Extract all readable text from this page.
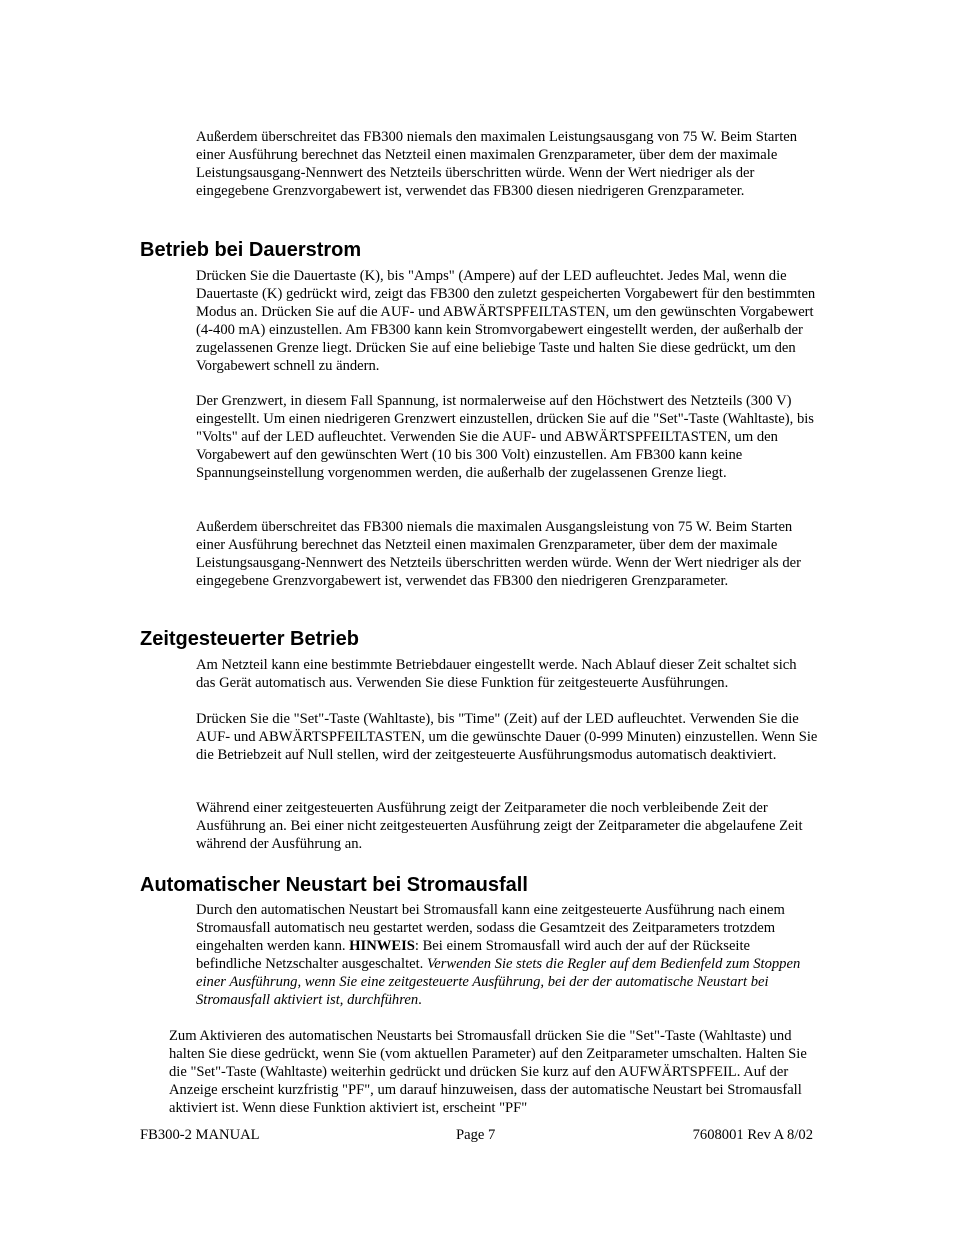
Außerdem überschreitet das FB300 niemals den maximalen Leistungsausgang von 75 W. Beim Starten einer Ausführung berechnet das Netzteil einen maximalen Grenzparameter, über dem der maximale Leistungsausgang-Nennwert des Netzteils überschritten würde. Wenn der Wert niedriger als der eingegebene Grenzvorgabewert ist, verwendet das FB300 diesen niedrigeren Grenzparameter.

Betrieb bei Dauerstrom

Drücken Sie die Dauertaste (K), bis "Amps" (Ampere) auf der LED aufleuchtet. Jedes Mal, wenn die Dauertaste (K) gedrückt wird, zeigt das FB300 den zuletzt gespeicherten Vorgabewert für den bestimmten Modus an. Drücken Sie auf die AUF- und ABWÄRTSPFEILTASTEN, um den gewünschten Vorgabewert (4-400 mA) einzustellen. Am FB300 kann kein Stromvorgabewert eingestellt werden, der außerhalb der zugelassenen Grenze liegt. Drücken Sie auf eine beliebige Taste und halten Sie diese gedrückt, um den Vorgabewert schnell zu ändern.

Der Grenzwert, in diesem Fall Spannung, ist normalerweise auf den Höchstwert des Netzteils (300 V) eingestellt. Um einen niedrigeren Grenzwert einzustellen, drücken Sie auf die "Set"-Taste (Wahltaste), bis "Volts" auf der LED aufleuchtet. Verwenden Sie die AUF- und ABWÄRTSPFEILTASTEN, um den Vorgabewert auf den gewünschten Wert (10 bis 300 Volt) einzustellen. Am FB300 kann keine Spannungseinstellung vorgenommen werden, die außerhalb der zugelassenen Grenze liegt.

Außerdem überschreitet das FB300 niemals die maximalen Ausgangsleistung von 75 W. Beim Starten einer Ausführung berechnet das Netzteil einen maximalen Grenzparameter, über dem der maximale Leistungsausgang-Nennwert des Netzteils überschritten werden würde. Wenn der Wert niedriger als der eingegebene Grenzvorgabewert ist, verwendet das FB300 den niedrigeren Grenzparameter.

Zeitgesteuerter Betrieb

Am Netzteil kann eine bestimmte Betriebdauer eingestellt werde. Nach Ablauf dieser Zeit schaltet sich das Gerät automatisch aus. Verwenden Sie diese Funktion für zeitgesteuerte Ausführungen.

Drücken Sie die "Set"-Taste (Wahltaste), bis "Time" (Zeit) auf der LED aufleuchtet. Verwenden Sie die AUF- und ABWÄRTSPFEILTASTEN, um die gewünschte Dauer (0-999 Minuten) einzustellen. Wenn Sie die Betriebzeit auf Null stellen, wird der zeitgesteuerte Ausführungsmodus automatisch deaktiviert.

Während einer zeitgesteuerten Ausführung zeigt der Zeitparameter die noch verbleibende Zeit der Ausführung an. Bei einer nicht zeitgesteuerten Ausführung zeigt der Zeitparameter die abgelaufene Zeit während der Ausführung an.

Automatischer Neustart bei Stromausfall

Durch den automatischen Neustart bei Stromausfall kann eine zeitgesteuerte Ausführung nach einem Stromausfall automatisch neu gestartet werden, sodass die Gesamtzeit des Zeitparameters trotzdem eingehalten werden kann. HINWEIS: Bei einem Stromausfall wird auch der auf der Rückseite befindliche Netzschalter ausgeschaltet. Verwenden Sie stets die Regler auf dem Bedienfeld zum Stoppen einer Ausführung, wenn Sie eine zeitgesteuerte Ausführung, bei der der automatische Neustart bei Stromausfall aktiviert ist, durchführen.

Zum Aktivieren des automatischen Neustarts bei Stromausfall drücken Sie die "Set"-Taste (Wahltaste) und halten Sie diese gedrückt, wenn Sie (vom aktuellen Parameter) auf den Zeitparameter umschalten. Halten Sie die "Set"-Taste (Wahltaste) weiterhin gedrückt und drücken Sie kurz auf den AUFWÄRTSPFEIL. Auf der Anzeige erscheint kurzfristig "PF", um darauf hinzuweisen, dass der automatische Neustart bei Stromausfall aktiviert ist. Wenn diese Funktion aktiviert ist, erscheint "PF"

FB300-2 MANUAL	Page 7	7608001 Rev A 8/02
